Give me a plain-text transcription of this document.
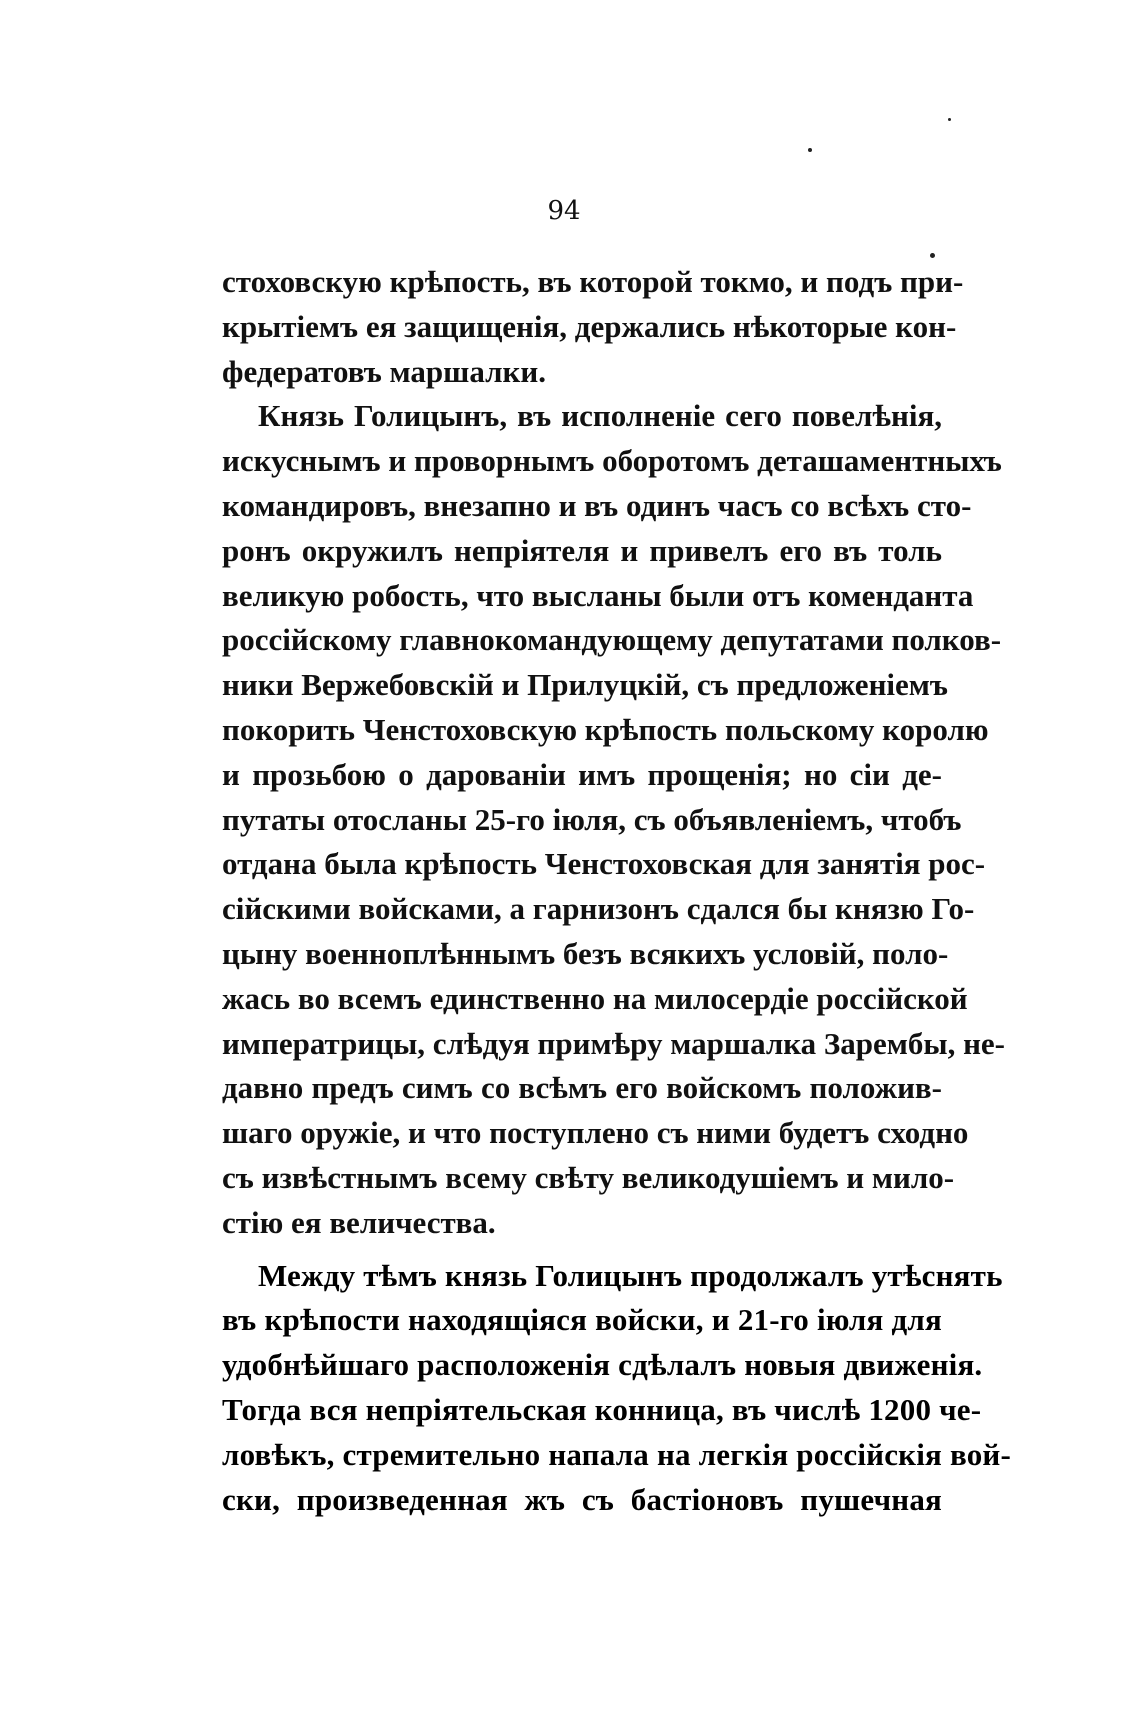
94
стоховскую крѣпость, въ которой токмо, и подъ при-
крытіемъ ея защищенія, держались нѣкоторые кон-
федератовъ маршалки.
Князь Голицынъ, въ исполненіе сего повелѣнія,
искуснымъ и проворнымъ оборотомъ деташаментныхъ
командировъ, внезапно и въ одинъ часъ со всѣхъ сто-
ронъ окружилъ непріятеля и привелъ его въ толь
великую робость, что высланы были отъ коменданта
россійскому главнокомандующему депутатами полков-
ники Вержебовскій и Прилуцкій, съ предложеніемъ
покорить Ченстоховскую крѣпость польскому королю
и прозьбою о дарованіи имъ прощенія; но сіи де-
путаты отосланы 25-го іюля, съ объявленіемъ, чтобъ
отдана была крѣпость Ченстоховская для занятія рос-
сійскими войсками, а гарнизонъ сдался бы князю Го-
цыну военноплѣннымъ безъ всякихъ условій, поло-
жась во всемъ единственно на милосердіе россійской
императрицы, слѣдуя примѣру маршалка Зарембы, не-
давно предъ симъ со всѣмъ его войскомъ положив-
шаго оружіе, и что поступлено съ ними будетъ сходно
съ извѣстнымъ всему свѣту великодушіемъ и мило-
стію ея величества.
Между тѣмъ князь Голицынъ продолжалъ утѣснять
въ крѣпости находящіяся войски, и 21-го іюля для
удобнѣйшаго расположенія сдѣлалъ новыя движенія.
Тогда вся непріятельская конница, въ числѣ 1200 че-
ловѣкъ, стремительно напала на легкія россійскія вой-
ски, произведенная жъ съ бастіоновъ пушечная
